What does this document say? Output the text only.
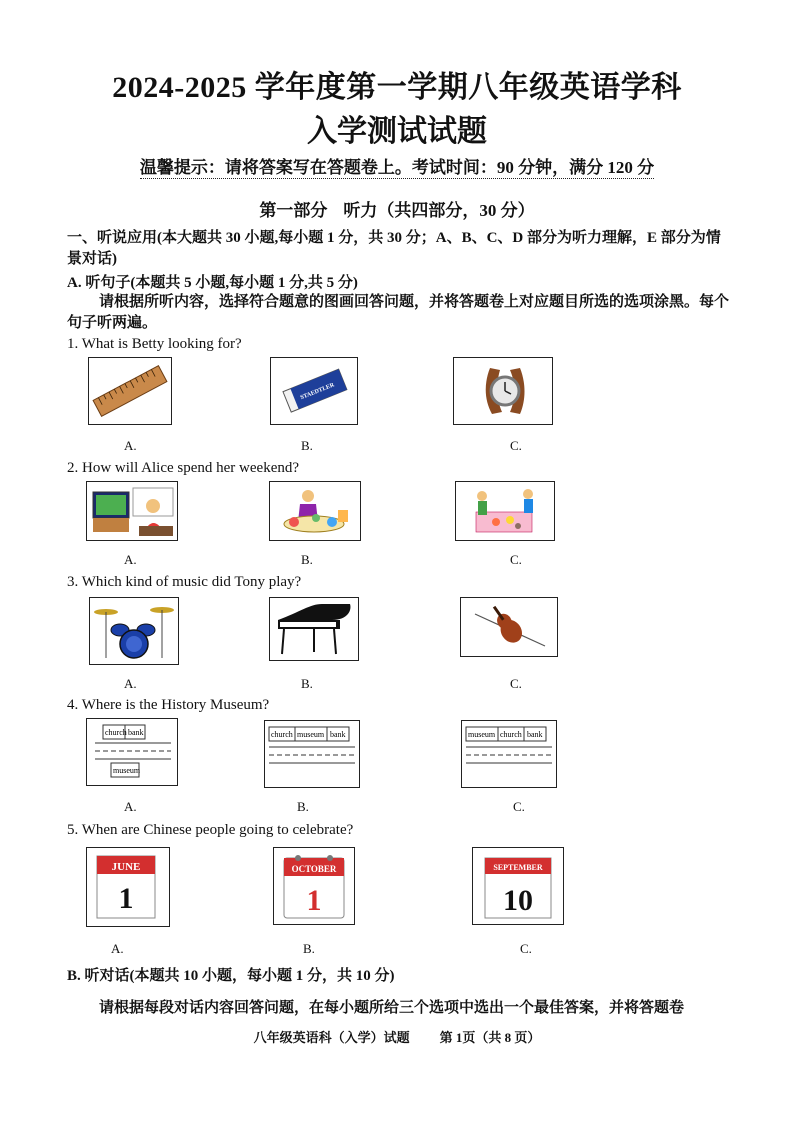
2024-2025 学年度第一学期八年级英语学科
入学测试试题
温馨提示：请将答案写在答题卷上。考试时间：90 分钟，满分 120 分
第一部分 听力（共四部分，30 分）
一、听说应用(本大题共 30 小题,每小题 1 分，共 30 分；A、B、C、D 部分为听力理解，E 部分为情景对话)
A. 听句子(本题共 5 小题,每小题 1 分,共 5 分)
请根据所听内容，选择符合题意的图画回答问题，并将答题卷上对应题目所选的选项涂黑。每个句子听两遍。
1. What is Betty looking for?
STAEDTLER
A.	B.	C.
2. How will Alice spend her weekend?
A.	B.	C.
3. Which kind of music did Tony play?
A.	B.	C.
4. Where is the History Museum?
church bank
museum
church museum bank	museum church bank
A.	B.	C.
5. When are Chinese people going to celebrate?
JUNE
1
OCTOBER
1
SEPTEMBER
10
A.	B.	C.
B. 听对话(本题共 10 小题，每小题 1 分，共 10 分)
请根据每段对话内容回答问题，在每小题所给三个选项中选出一个最佳答案，并将答题卷
八年级英语科（入学）试题 第 1页（共 8 页）
